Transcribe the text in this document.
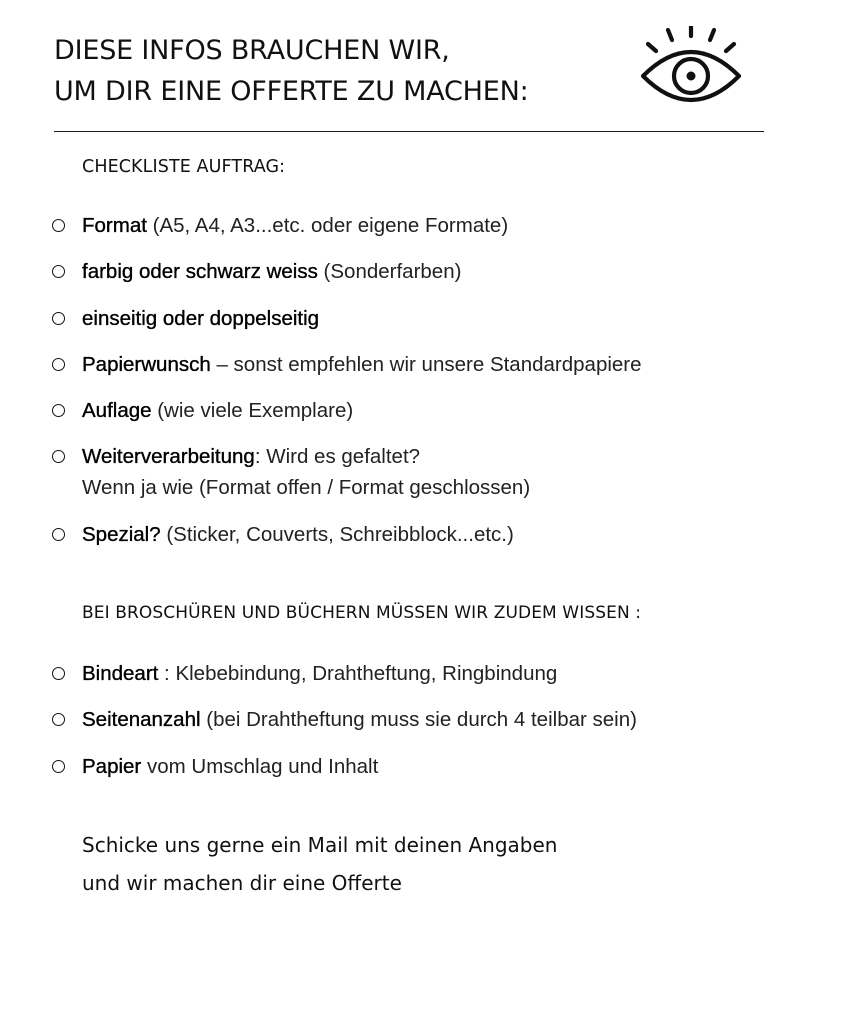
DIESE INFOS BRAUCHEN WIR,
UM DIR EINE OFFERTE ZU MACHEN:
CHECKLISTE AUFTRAG:
Format (A5, A4, A3...etc. oder eigene Formate)
farbig oder schwarz weiss (Sonderfarben)
einseitig oder doppelseitig
Papierwunsch – sonst empfehlen wir unsere Standardpapiere
Auflage (wie viele Exemplare)
Weiterverarbeitung: Wird es gefaltet?
Wenn ja wie (Format offen / Format geschlossen)
Spezial? (Sticker, Couverts, Schreibblock...etc.)
BEI BROSCHÜREN UND BÜCHERN MÜSSEN WIR ZUDEM WISSEN :
Bindeart : Klebebindung, Drahtheftung, Ringbindung
Seitenanzahl (bei Drahtheftung muss sie durch 4 teilbar sein)
Papier vom Umschlag und Inhalt

Schicke uns gerne ein Mail mit deinen Angaben
und wir machen dir eine Offerte
